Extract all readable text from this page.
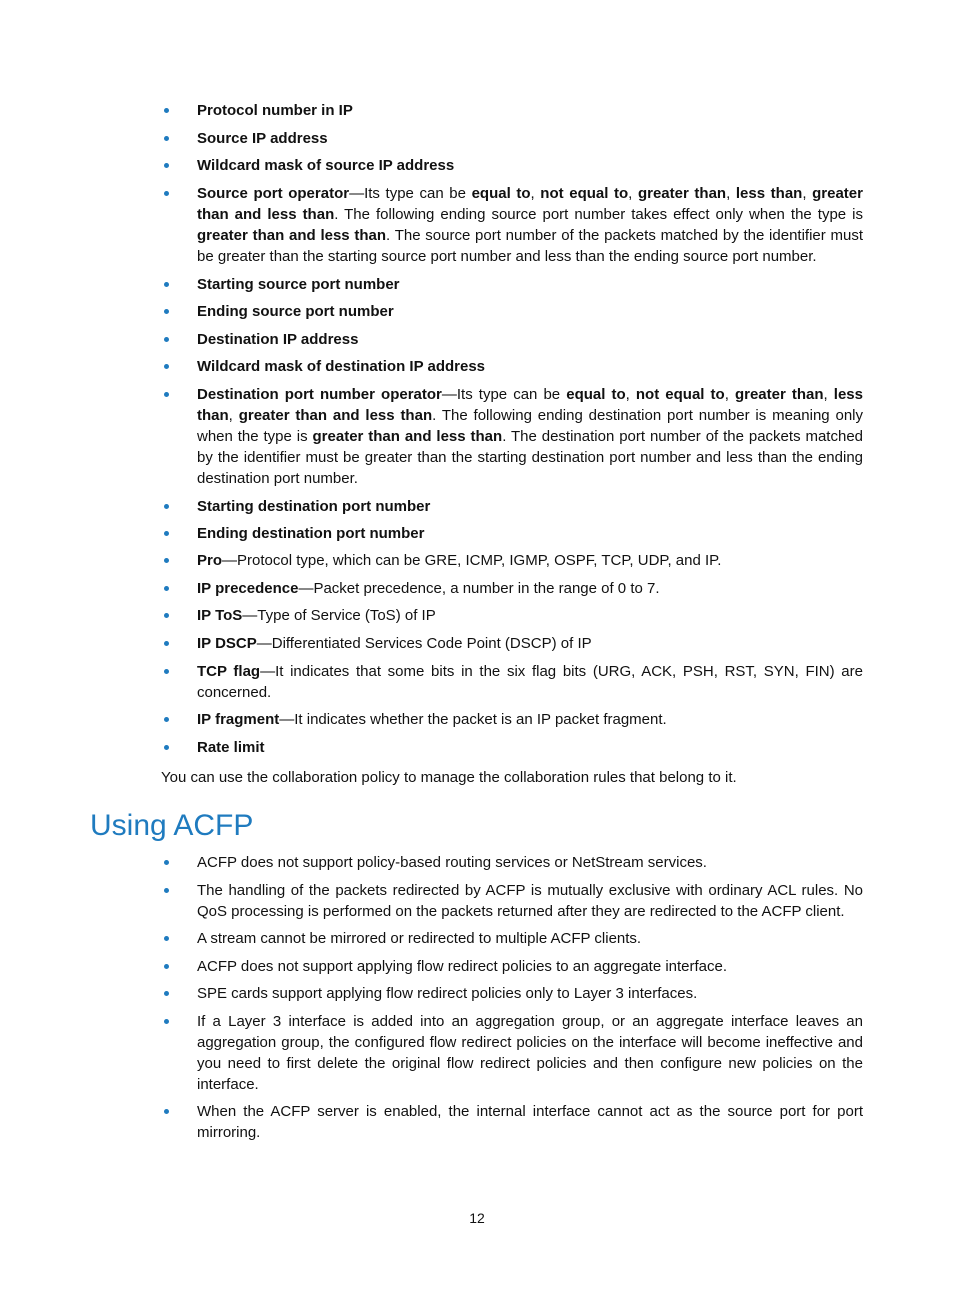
Protocol number in IP
Source IP address
Wildcard mask of source IP address
Source port operator—Its type can be equal to, not equal to, greater than, less than, greater than and less than. The following ending source port number takes effect only when the type is greater than and less than. The source port number of the packets matched by the identifier must be greater than the starting source port number and less than the ending source port number.
Starting source port number
Ending source port number
Destination IP address
Wildcard mask of destination IP address
Destination port number operator—Its type can be equal to, not equal to, greater than, less than, greater than and less than. The following ending destination port number is meaning only when the type is greater than and less than. The destination port number of the packets matched by the identifier must be greater than the starting destination port number and less than the ending destination port number.
Starting destination port number
Ending destination port number
Pro—Protocol type, which can be GRE, ICMP, IGMP, OSPF, TCP, UDP, and IP.
IP precedence—Packet precedence, a number in the range of 0 to 7.
IP ToS—Type of Service (ToS) of IP
IP DSCP—Differentiated Services Code Point (DSCP) of IP
TCP flag—It indicates that some bits in the six flag bits (URG, ACK, PSH, RST, SYN, FIN) are concerned.
IP fragment—It indicates whether the packet is an IP packet fragment.
Rate limit

You can use the collaboration policy to manage the collaboration rules that belong to it.

Using ACFP
ACFP does not support policy-based routing services or NetStream services.
The handling of the packets redirected by ACFP is mutually exclusive with ordinary ACL rules. No QoS processing is performed on the packets returned after they are redirected to the ACFP client.
A stream cannot be mirrored or redirected to multiple ACFP clients.
ACFP does not support applying flow redirect policies to an aggregate interface.
SPE cards support applying flow redirect policies only to Layer 3 interfaces.
If a Layer 3 interface is added into an aggregation group, or an aggregate interface leaves an aggregation group, the configured flow redirect policies on the interface will become ineffective and you need to first delete the original flow redirect policies and then configure new policies on the interface.
When the ACFP server is enabled, the internal interface cannot act as the source port for port mirroring.
12
